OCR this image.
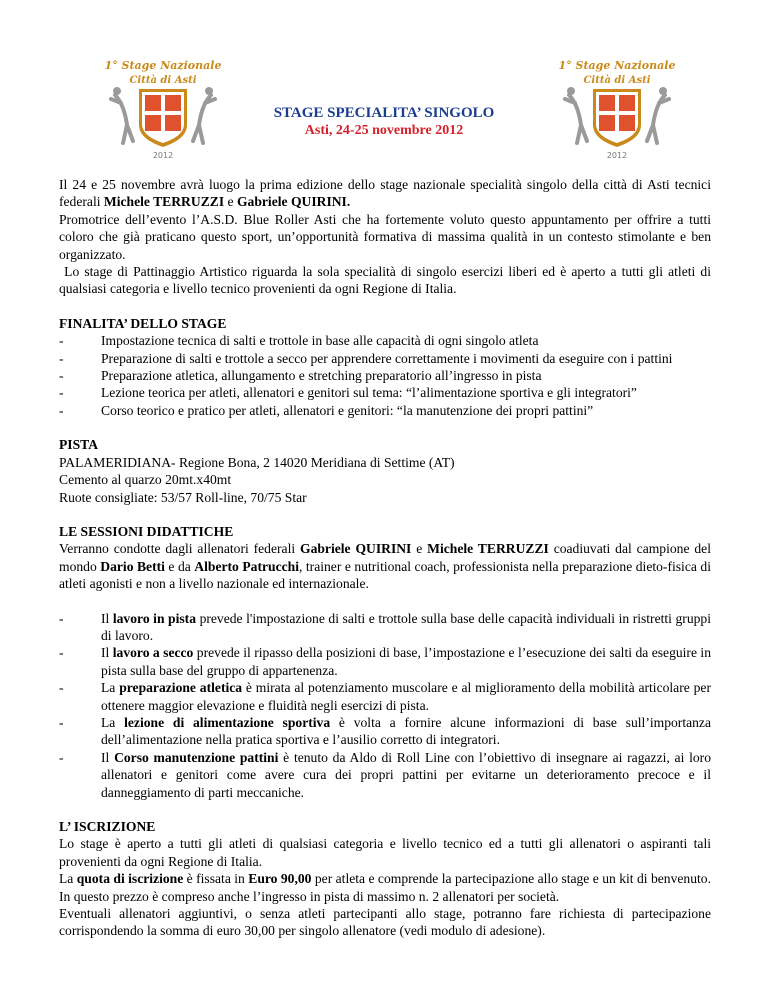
1° Stage Nazionale
Città di Asti
2012
1° Stage Nazionale
Città di Asti
2012
STAGE SPECIALITA’ SINGOLO
Asti, 24-25 novembre 2012

Il 24 e 25 novembre avrà luogo la prima edizione dello stage nazionale specialità singolo della città di Asti tecnici federali Michele TERRUZZI e Gabriele QUIRINI.

Promotrice dell’evento l’A.S.D. Blue Roller Asti che ha fortemente voluto questo appuntamento per offrire a tutti coloro che già praticano questo sport, un’opportunità formativa di massima qualità in un contesto stimolante e ben organizzato.

Lo stage di Pattinaggio Artistico riguarda la sola specialità di singolo esercizi liberi ed è aperto a tutti gli atleti di qualsiasi categoria e livello tecnico provenienti da ogni Regione di Italia.

FINALITA’ DELLO STAGE
- Impostazione tecnica di salti e trottole in base alle capacità di ogni singolo atleta
- Preparazione di salti e trottole a secco per apprendere correttamente i movimenti da eseguire con i pattini
- Preparazione atletica, allungamento e stretching preparatorio all’ingresso in pista
- Lezione teorica per atleti, allenatori e genitori sul tema: “l’alimentazione sportiva e gli integratori”
- Corso teorico e pratico per atleti, allenatori e genitori: “la manutenzione dei propri pattini”
PISTA

PALAMERIDIANA- Regione Bona, 2 14020 Meridiana di Settime (AT)

Cemento al quarzo 20mt.x40mt

Ruote consigliate: 53/57 Roll-line, 70/75 Star

LE SESSIONI DIDATTICHE

Verranno condotte dagli allenatori federali Gabriele QUIRINI e Michele TERRUZZI coadiuvati dal campione del mondo Dario Betti e da Alberto Patrucchi, trainer e nutritional coach, professionista nella preparazione dieto-fisica di atleti agonisti e non a livello nazionale ed internazionale.

- Il lavoro in pista prevede l'impostazione di salti e trottole sulla base delle capacità individuali in ristretti gruppi di lavoro.
- Il lavoro a secco prevede il ripasso della posizioni di base, l’impostazione e l’esecuzione dei salti da eseguire in pista sulla base del gruppo di appartenenza.
- La preparazione atletica è mirata al potenziamento muscolare e al miglioramento della mobilità articolare per ottenere maggior elevazione e fluidità negli esercizi di pista.
- La lezione di alimentazione sportiva è volta a fornire alcune informazioni di base sull’importanza dell’alimentazione nella pratica sportiva e l’ausilio corretto di integratori.
- Il Corso manutenzione pattini è tenuto da Aldo di Roll Line con l’obiettivo di insegnare ai ragazzi, ai loro allenatori e genitori come avere cura dei propri pattini per evitarne un deterioramento precoce e il danneggiamento di parti meccaniche.
L’ ISCRIZIONE

Lo stage è aperto a tutti gli atleti di qualsiasi categoria e livello tecnico ed a tutti gli allenatori o aspiranti tali provenienti da ogni Regione di Italia.

La quota di iscrizione è fissata in Euro 90,00 per atleta e comprende la partecipazione allo stage e un kit di benvenuto. In questo prezzo è compreso anche l’ingresso in pista di massimo n. 2 allenatori per società.

Eventuali allenatori aggiuntivi, o senza atleti partecipanti allo stage, potranno fare richiesta di partecipazione corrispondendo la somma di euro 30,00 per singolo allenatore (vedi modulo di adesione).
